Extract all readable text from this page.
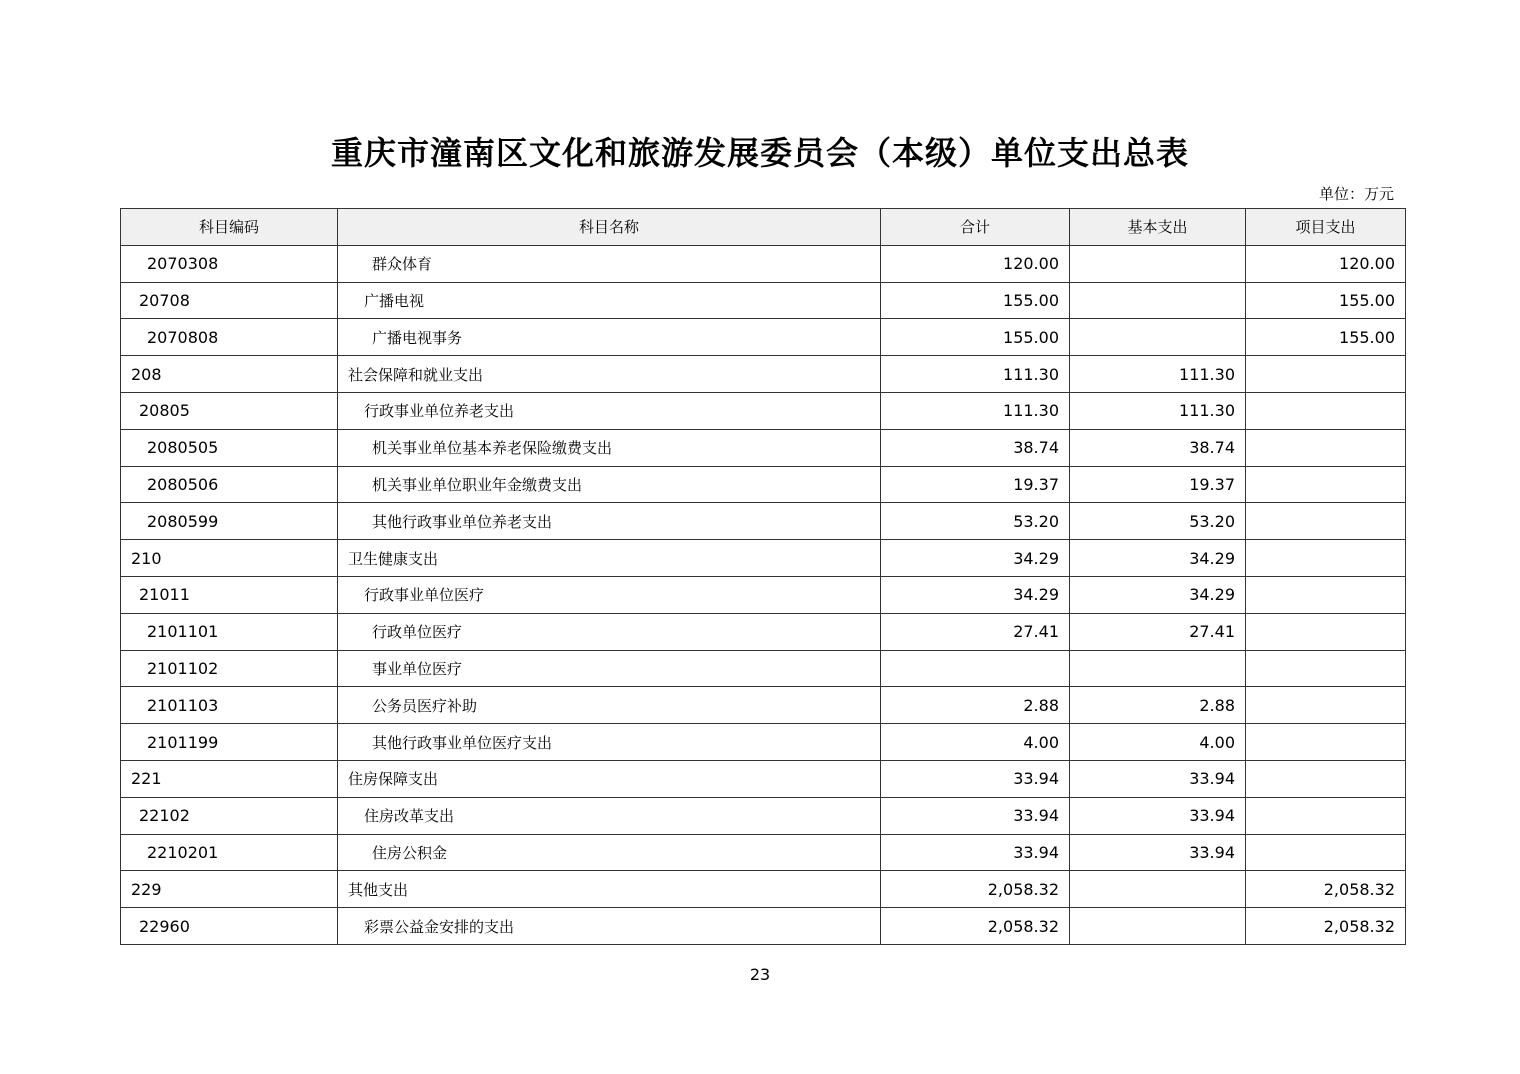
重庆市潼南区文化和旅游发展委员会（本级）单位支出总表
单位：万元
科目编码	科目名称	合计	基本支出	项目支出
2070308	群众体育	120.00		120.00
20708	广播电视	155.00		155.00
2070808	广播电视事务	155.00		155.00
208	社会保障和就业支出	111.30	111.30	
20805	行政事业单位养老支出	111.30	111.30	
2080505	机关事业单位基本养老保险缴费支出	38.74	38.74	
2080506	机关事业单位职业年金缴费支出	19.37	19.37	
2080599	其他行政事业单位养老支出	53.20	53.20	
210	卫生健康支出	34.29	34.29	
21011	行政事业单位医疗	34.29	34.29	
2101101	行政单位医疗	27.41	27.41	
2101102	事业单位医疗			
2101103	公务员医疗补助	2.88	2.88	
2101199	其他行政事业单位医疗支出	4.00	4.00	
221	住房保障支出	33.94	33.94	
22102	住房改革支出	33.94	33.94	
2210201	住房公积金	33.94	33.94	
229	其他支出	2,058.32		2,058.32
22960	彩票公益金安排的支出	2,058.32		2,058.32
23
